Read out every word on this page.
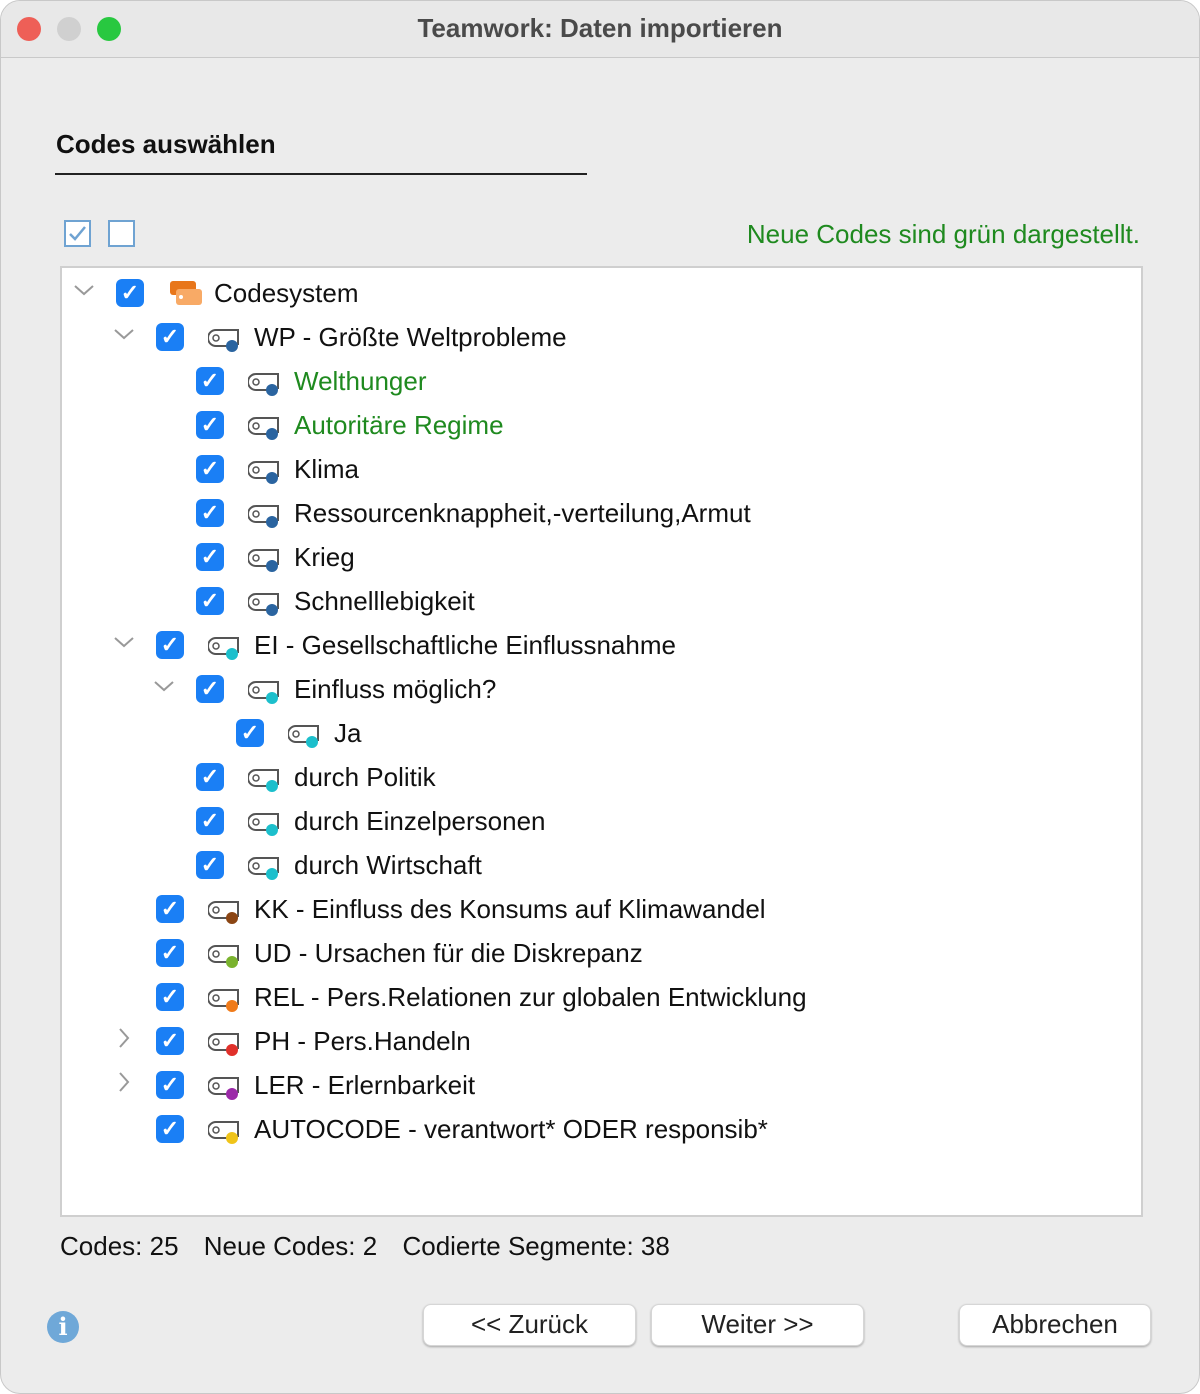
Teamwork: Daten importieren
Codes auswählen
Neue Codes sind grün dargestellt.
✓	Codesystem
✓	WP - Größte Weltprobleme
✓	Welthunger
✓	Autoritäre Regime
✓	Klima
✓	Ressourcenknappheit,-verteilung,Armut
✓	Krieg
✓	Schnelllebigkeit
✓	EI - Gesellschaftliche Einflussnahme
✓	Einfluss möglich?
✓	Ja
✓	durch Politik
✓	durch Einzelpersonen
✓	durch Wirtschaft
✓	KK - Einfluss des Konsums auf Klimawandel
✓	UD - Ursachen für die Diskrepanz
✓	REL - Pers.Relationen zur globalen Entwicklung
✓	PH - Pers.Handeln
✓	LER - Erlernbarkeit
✓	AUTOCODE - verantwort* ODER responsib*
Codes: 25 Neue Codes: 2 Codierte Segmente: 38
i	<< Zurück	Weiter >>	Abbrechen
